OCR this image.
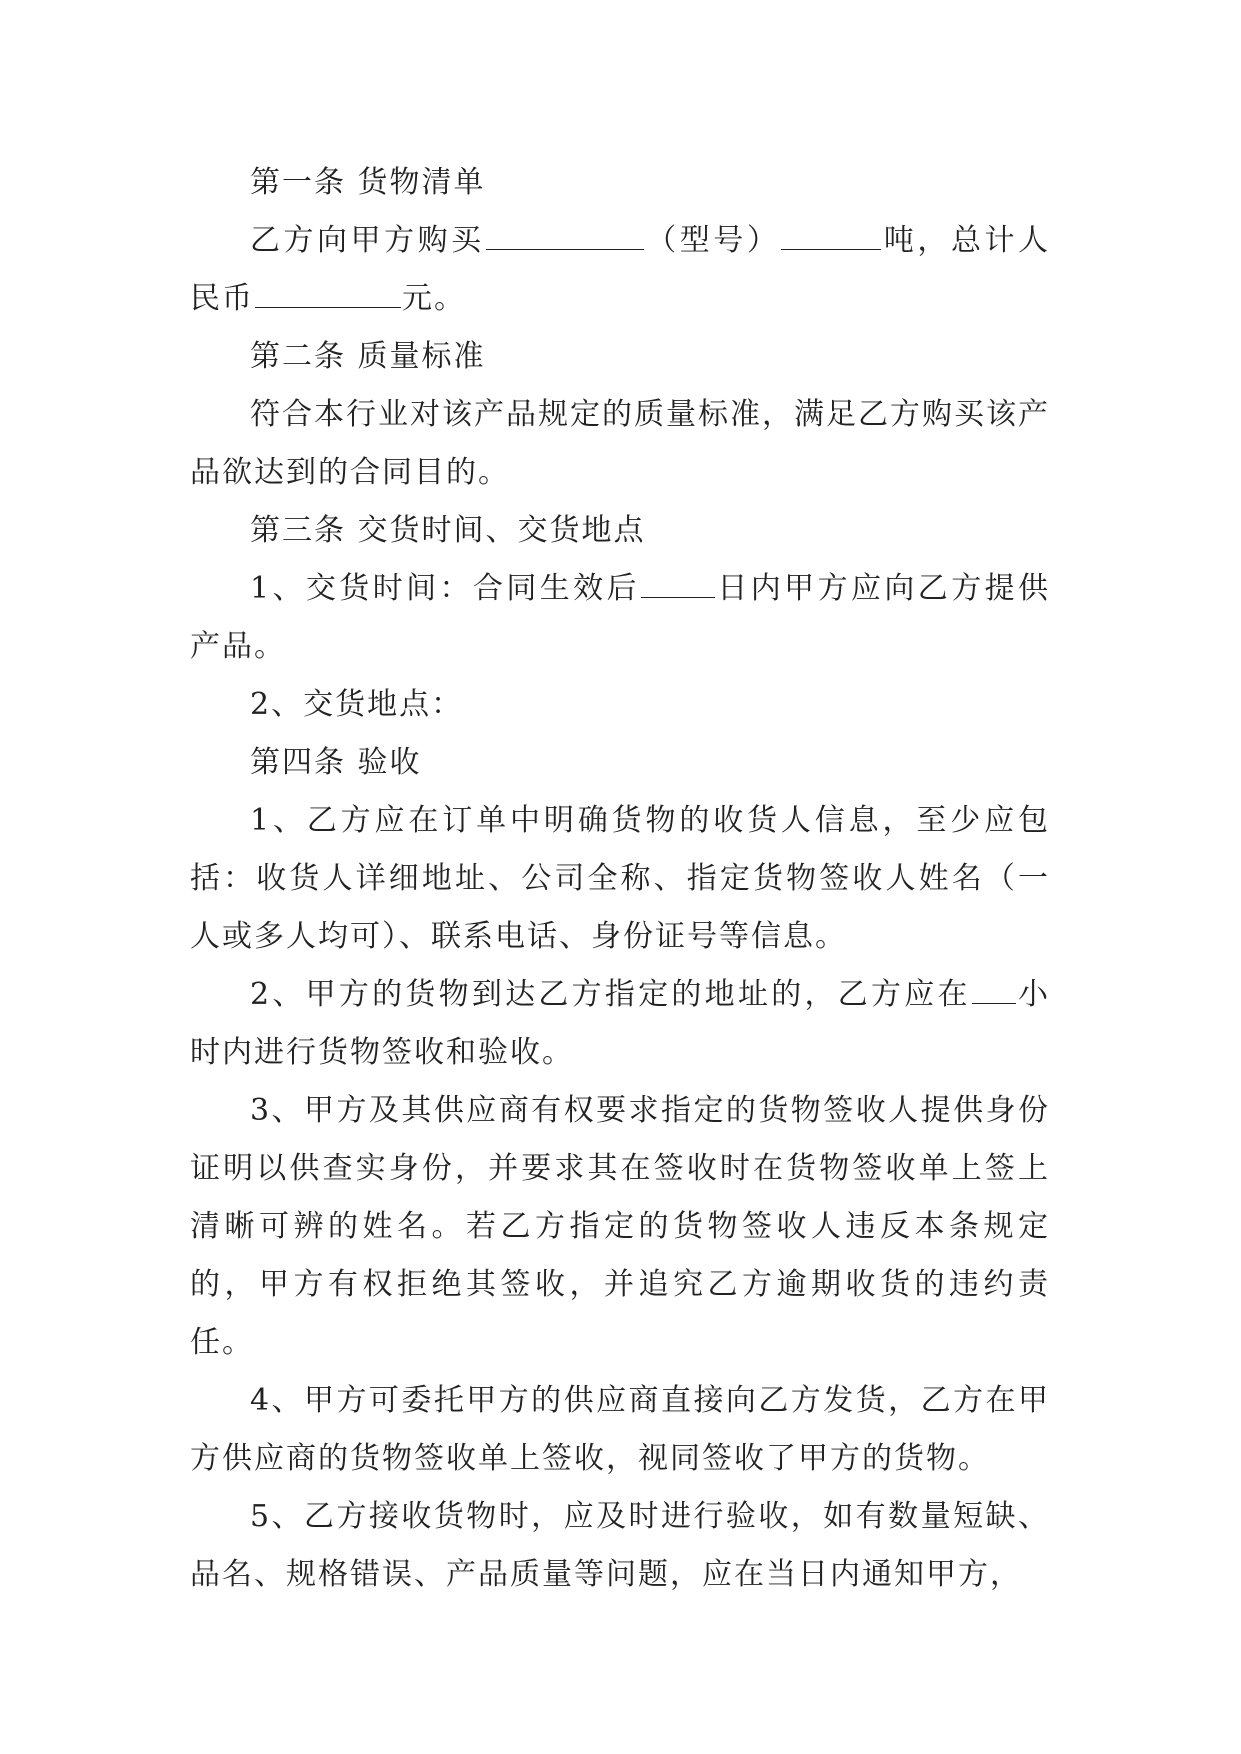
第一条 货物清单

乙方向甲方购买	（型号）	吨，总计人民币	元。

第二条 质量标准

符合本行业对该产品规定的质量标准，满足乙方购买该产品欲达到的合同目的。

第三条 交货时间、交货地点

1、交货时间：合同生效后	日内甲方应向乙方提供产品。

2、交货地点：

第四条 验收

1、乙方应在订单中明确货物的收货人信息，至少应包括：收货人详细地址、公司全称、指定货物签收人姓名（一人或多人均可）、联系电话、身份证号等信息。

2、甲方的货物到达乙方指定的地址的，乙方应在 小时内进行货物签收和验收。

3、甲方及其供应商有权要求指定的货物签收人提供身份证明以供查实身份，并要求其在签收时在货物签收单上签上清晰可辨的姓名。若乙方指定的货物签收人违反本条规定的，甲方有权拒绝其签收，并追究乙方逾期收货的违约责任。

4、甲方可委托甲方的供应商直接向乙方发货，乙方在甲方供应商的货物签收单上签收，视同签收了甲方的货物。

5、乙方接收货物时，应及时进行验收，如有数量短缺、品名、规格错误、产品质量等问题，应在当日内通知甲方，
